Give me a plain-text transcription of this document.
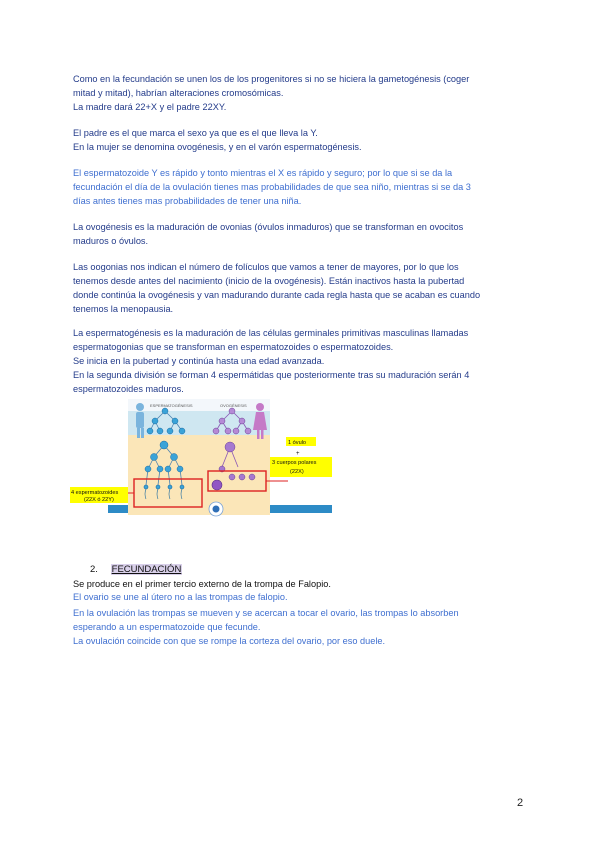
Como en la fecundación se unen los de los progenitores si no se hiciera la gametogénesis (coger
mitad y mitad), habrían alteraciones cromosómicas.
La madre dará 22+X y el padre 22XY.
El padre es el que marca el sexo ya que es el que lleva la Y.
En la mujer se denomina ovogénesis, y en el varón espermatogénesis.
El espermatozoide Y es rápido y tonto mientras el X es rápido y seguro; por lo que si se da la
fecundación el día de la ovulación tienes mas probabilidades de que sea niño, mientras si se da 3
días antes tienes mas probabilidades de tener una niña.
La ovogénesis es la maduración de ovonias (óvulos inmaduros) que se transforman en ovocitos
maduros o óvulos.
Las oogonias nos indican el número de folículos que vamos a tener de mayores, por lo que los
tenemos desde antes del nacimiento (inicio de la ovogénesis). Están inactivos hasta la pubertad
donde continúa la ovogénesis y van madurando durante cada regla hasta que se acaban es cuando
tenemos la menopausia.
La espermatogénesis es la maduración de las células germinales primitivas masculinas llamadas
espermatogonias que se transforman en espermatozoides o espermatozoides.
Se inicia en la pubertad y continúa hasta una edad avanzada.
En la segunda división se forman 4 espermátidas que posteriormente tras su maduración serán 4
espermatozoides maduros.
ESPERMATOGÉNESIS	OVOGÉNESIS
4 espermatozoides
(22X ó 22Y)
1 óvulo
+
3 cuerpos polares
(22X)
2. FECUNDACIÓN
Se produce en el primer tercio externo de la trompa de Falopio.
El ovario se une al útero no a las trompas de falopio.
En la ovulación las trompas se mueven y se acercan a tocar el ovario, las trompas lo absorben
esperando a un espermatozoide que fecunde.
La ovulación coincide con que se rompe la corteza del ovario, por eso duele.
2
